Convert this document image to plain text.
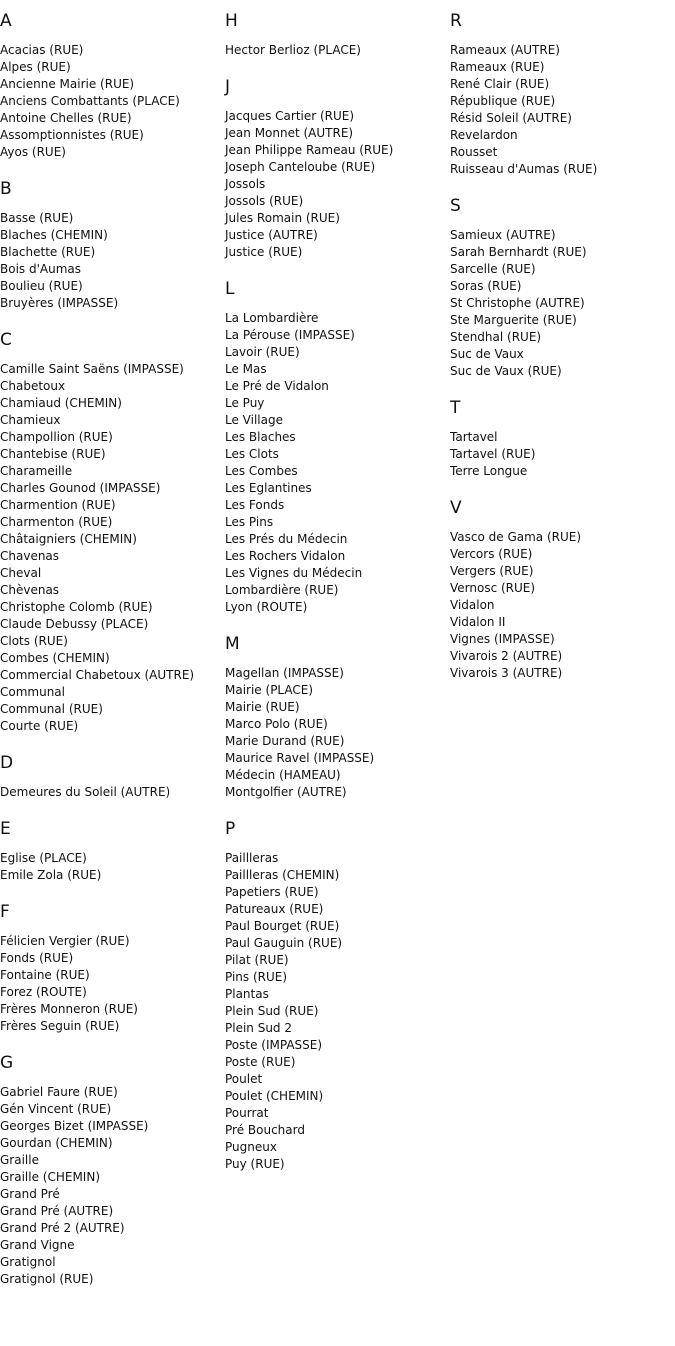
A
Acacias (RUE)
Alpes (RUE)
Ancienne Mairie (RUE)
Anciens Combattants (PLACE)
Antoine Chelles (RUE)
Assomptionnistes (RUE)
Ayos (RUE)
B
Basse (RUE)
Blaches (CHEMIN)
Blachette (RUE)
Bois d'Aumas
Boulieu (RUE)
Bruyères (IMPASSE)
C
Camille Saint Saëns (IMPASSE)
Chabetoux
Chamiaud (CHEMIN)
Chamieux
Champollion (RUE)
Chantebise (RUE)
Charameille
Charles Gounod (IMPASSE)
Charmention (RUE)
Charmenton (RUE)
Châtaigniers (CHEMIN)
Chavenas
Cheval
Chèvenas
Christophe Colomb (RUE)
Claude Debussy (PLACE)
Clots (RUE)
Combes (CHEMIN)
Commercial Chabetoux (AUTRE)
Communal
Communal (RUE)
Courte (RUE)
D
Demeures du Soleil (AUTRE)
E
Eglise (PLACE)
Emile Zola (RUE)
F
Félicien Vergier (RUE)
Fonds (RUE)
Fontaine (RUE)
Forez (ROUTE)
Frères Monneron (RUE)
Frères Seguin (RUE)
G
Gabriel Faure (RUE)
Gén Vincent (RUE)
Georges Bizet (IMPASSE)
Gourdan (CHEMIN)
Graille
Graille (CHEMIN)
Grand Pré
Grand Pré (AUTRE)
Grand Pré 2 (AUTRE)
Grand Vigne
Gratignol
Gratignol (RUE)
H
Hector Berlioz (PLACE)
J
Jacques Cartier (RUE)
Jean Monnet (AUTRE)
Jean Philippe Rameau (RUE)
Joseph Canteloube (RUE)
Jossols
Jossols (RUE)
Jules Romain (RUE)
Justice (AUTRE)
Justice (RUE)
L
La Lombardière
La Pérouse (IMPASSE)
Lavoir (RUE)
Le Mas
Le Pré de Vidalon
Le Puy
Le Village
Les Blaches
Les Clots
Les Combes
Les Eglantines
Les Fonds
Les Pins
Les Prés du Médecin
Les Rochers Vidalon
Les Vignes du Médecin
Lombardière (RUE)
Lyon (ROUTE)
M
Magellan (IMPASSE)
Mairie (PLACE)
Mairie (RUE)
Marco Polo (RUE)
Marie Durand (RUE)
Maurice Ravel (IMPASSE)
Médecin (HAMEAU)
Montgolfier (AUTRE)
P
Paillleras
Paillleras (CHEMIN)
Papetiers (RUE)
Patureaux (RUE)
Paul Bourget (RUE)
Paul Gauguin (RUE)
Pilat (RUE)
Pins (RUE)
Plantas
Plein Sud (RUE)
Plein Sud 2
Poste (IMPASSE)
Poste (RUE)
Poulet
Poulet (CHEMIN)
Pourrat
Pré Bouchard
Pugneux
Puy (RUE)
R
Rameaux (AUTRE)
Rameaux (RUE)
René Clair (RUE)
République (RUE)
Résid Soleil (AUTRE)
Revelardon
Rousset
Ruisseau d'Aumas (RUE)
S
Samieux (AUTRE)
Sarah Bernhardt (RUE)
Sarcelle (RUE)
Soras (RUE)
St Christophe (AUTRE)
Ste Marguerite (RUE)
Stendhal (RUE)
Suc de Vaux
Suc de Vaux (RUE)
T
Tartavel
Tartavel (RUE)
Terre Longue
V
Vasco de Gama (RUE)
Vercors (RUE)
Vergers (RUE)
Vernosc (RUE)
Vidalon
Vidalon II
Vignes (IMPASSE)
Vivarois 2 (AUTRE)
Vivarois 3 (AUTRE)
